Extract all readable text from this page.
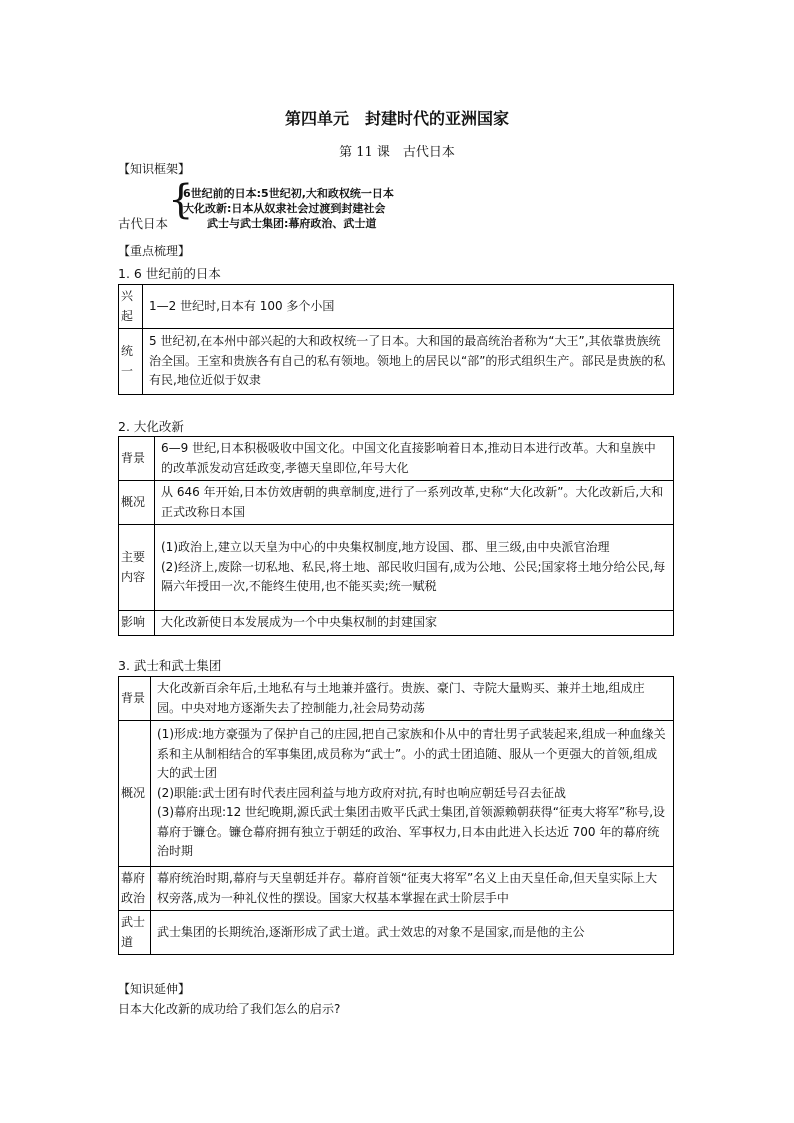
第四单元　封建时代的亚洲国家
第 11 课　古代日本
【知识框架】
古代日本
{
6世纪前的日本:5世纪初,大和政权统一日本
大化改新:日本从奴隶社会过渡到封建社会
武士与武士集团:幕府政治、武士道
【重点梳理】
1. 6 世纪前的日本
兴起	1—2 世纪时,日本有 100 多个小国

统一	5 世纪初,在本州中部兴起的大和政权统一了日本。大和国的最高统治者称为“大王”,其依靠贵族统治全国。王室和贵族各有自己的私有领地。领地上的居民以“部”的形式组织生产。部民是贵族的私有民,地位近似于奴隶

2. 大化改新
背景	6—9 世纪,日本积极吸收中国文化。中国文化直接影响着日本,推动日本进行改革。大和皇族中的改革派发动宫廷政变,孝德天皇即位,年号大化

概况	从 646 年开始,日本仿效唐朝的典章制度,进行了一系列改革,史称“大化改新”。大化改新后,大和正式改称日本国

主要内容	(1)政治上,建立以天皇为中心的中央集权制度,地方设国、郡、里三级,由中央派官治理

(2)经济上,废除一切私地、私民,将土地、部民收归国有,成为公地、公民;国家将土地分给公民,每隔六年授田一次,不能终生使用,也不能买卖;统一赋税

影响	大化改新使日本发展成为一个中央集权制的封建国家

3. 武士和武士集团
背景	大化改新百余年后,土地私有与土地兼并盛行。贵族、豪门、寺院大量购买、兼并土地,组成庄园。中央对地方逐渐失去了控制能力,社会局势动荡

概况	(1)形成:地方豪强为了保护自己的庄园,把自己家族和仆从中的青壮男子武装起来,组成一种血缘关系和主从制相结合的军事集团,成员称为“武士”。小的武士团追随、服从一个更强大的首领,组成大的武士团

(2)职能:武士团有时代表庄园利益与地方政府对抗,有时也响应朝廷号召去征战

(3)幕府出现:12 世纪晚期,源氏武士集团击败平氏武士集团,首领源赖朝获得“征夷大将军”称号,设幕府于镰仓。镰仓幕府拥有独立于朝廷的政治、军事权力,日本由此进入长达近 700 年的幕府统治时期

幕府政治	幕府统治时期,幕府与天皇朝廷并存。幕府首领“征夷大将军”名义上由天皇任命,但天皇实际上大权旁落,成为一种礼仪性的摆设。国家大权基本掌握在武士阶层手中

武士道	武士集团的长期统治,逐渐形成了武士道。武士效忠的对象不是国家,而是他的主公

【知识延伸】
日本大化改新的成功给了我们怎么的启示?
